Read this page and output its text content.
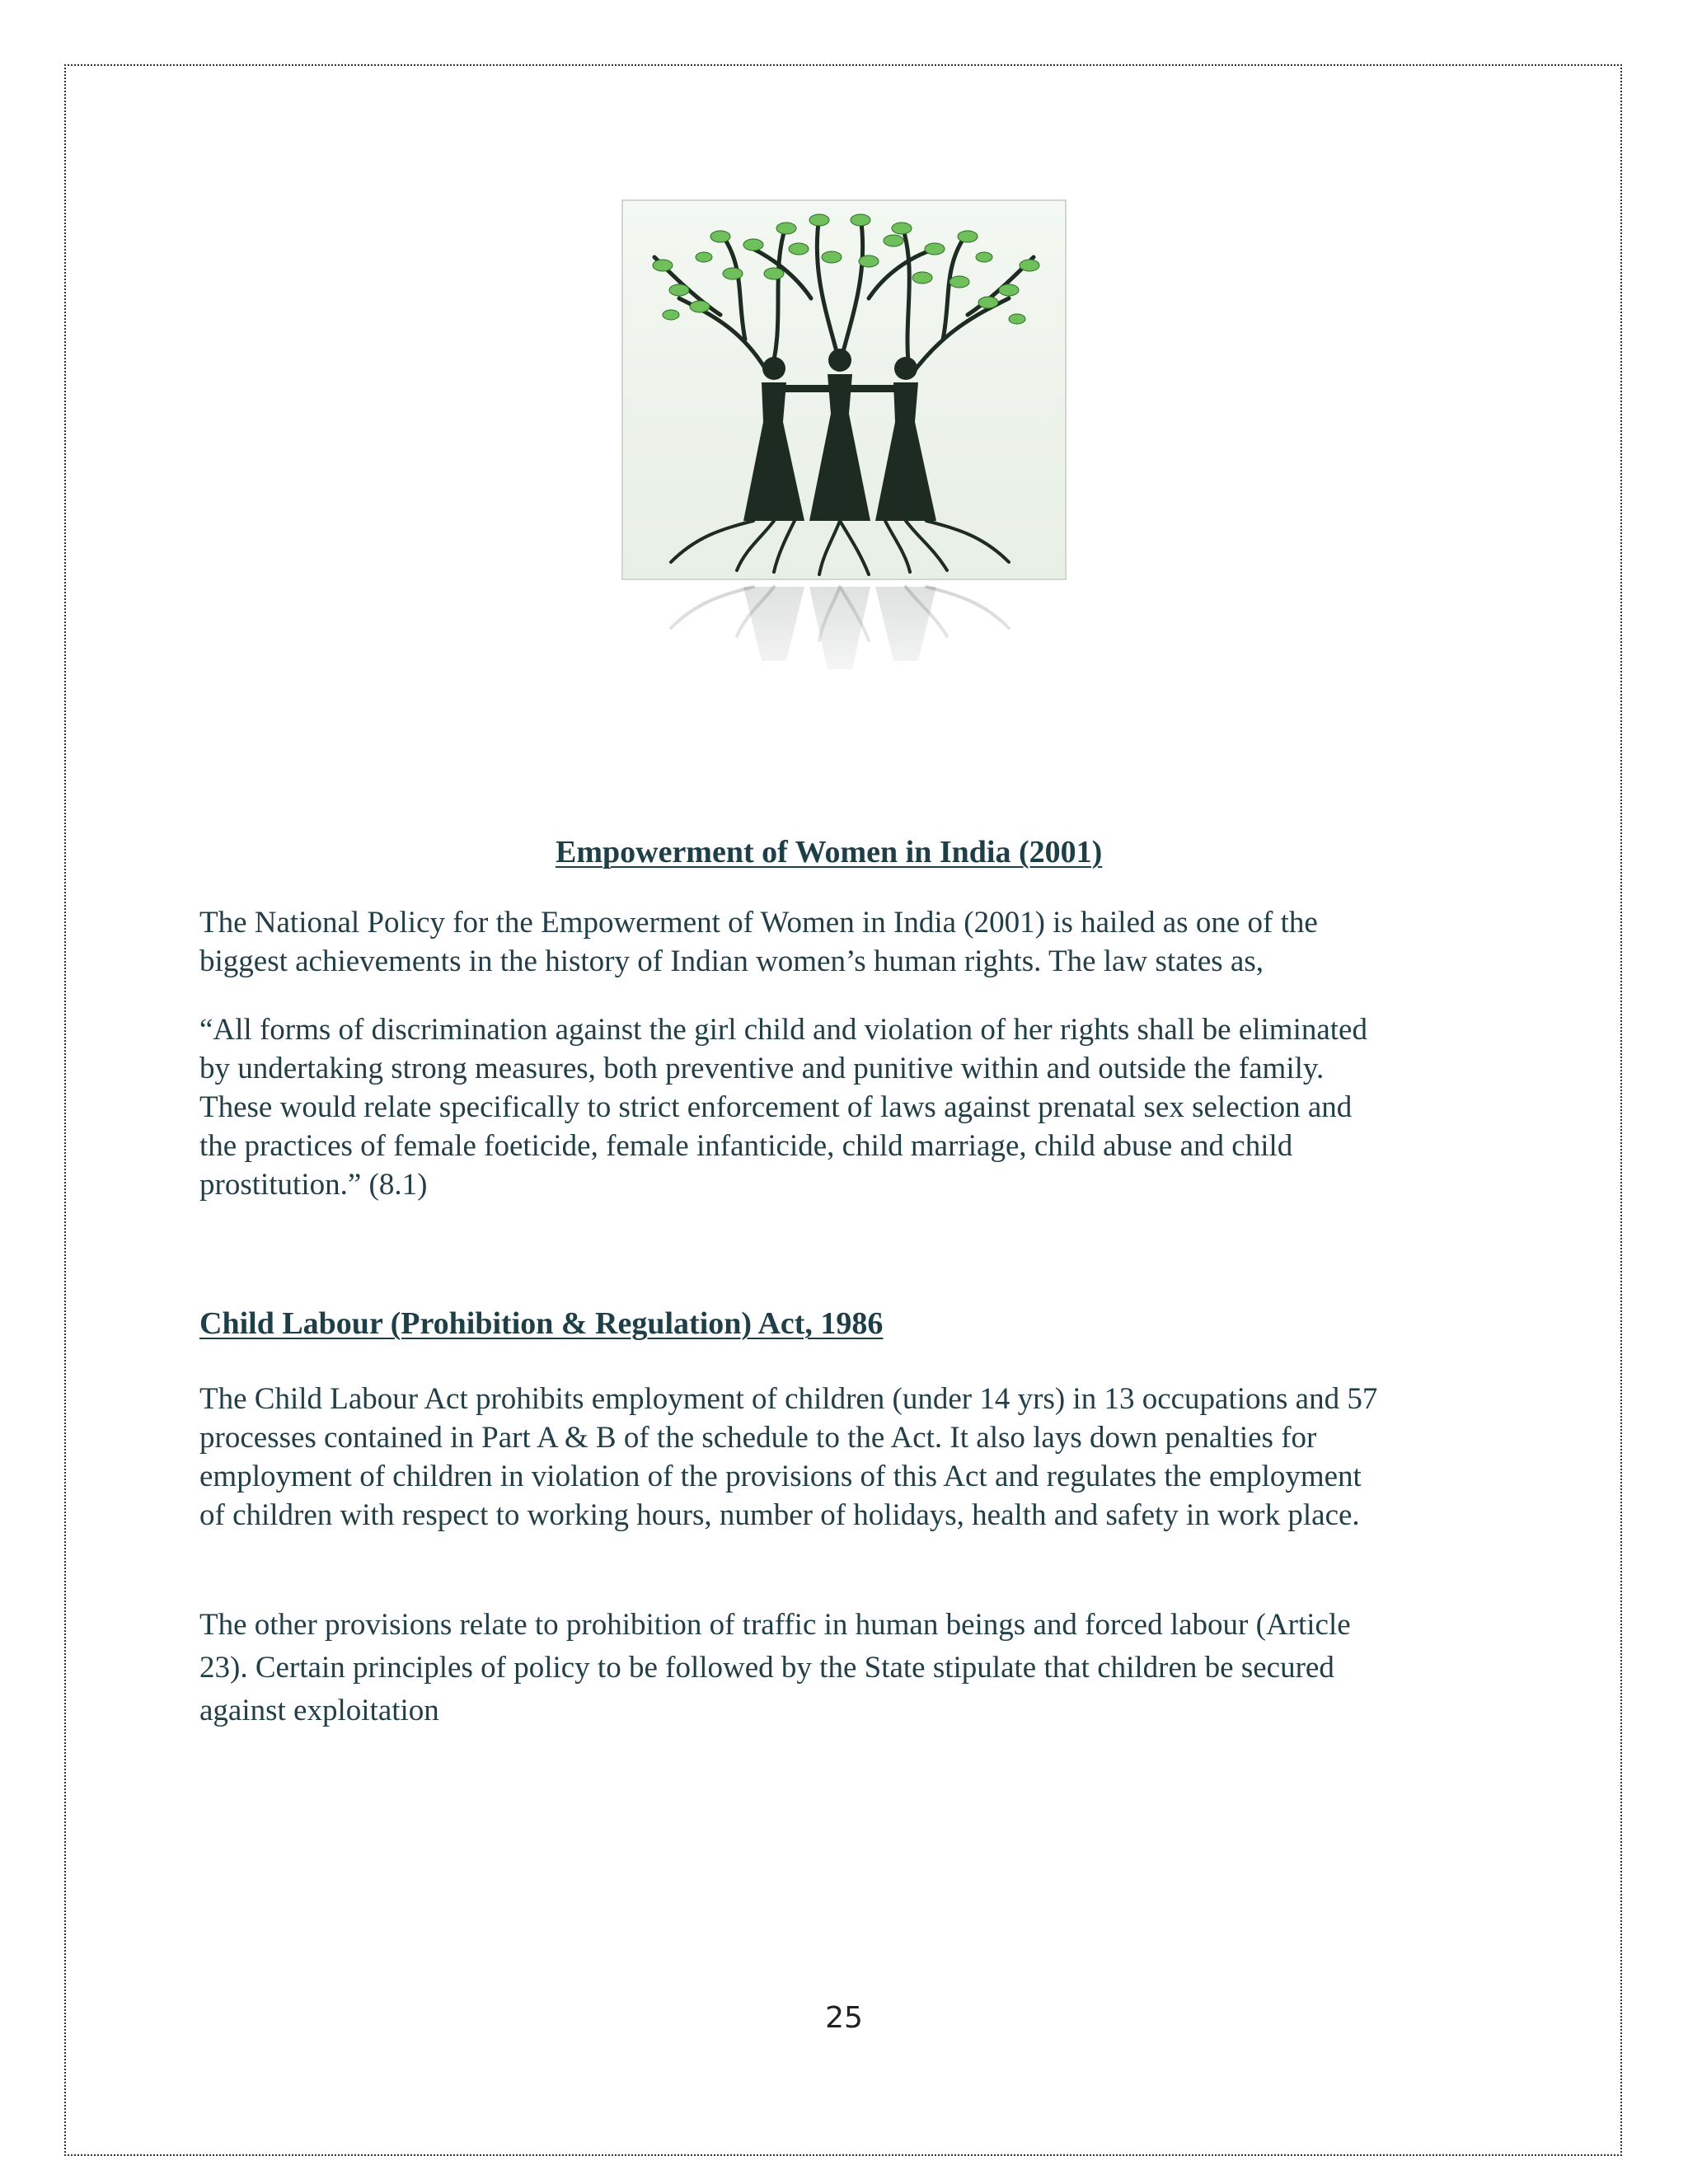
Empowerment of Women in India (2001)
The National Policy for the Empowerment of Women in India (2001) is hailed as one of the
biggest achievements in the history of Indian women’s human rights. The law states as,
“All forms of discrimination against the girl child and violation of her rights shall be eliminated
by undertaking strong measures, both preventive and punitive within and outside the family.
These would relate specifically to strict enforcement of laws against prenatal sex selection and
the practices of female foeticide, female infanticide, child marriage, child abuse and child
prostitution.” (8.1)
Child Labour (Prohibition & Regulation) Act, 1986
The Child Labour Act prohibits employment of children (under 14 yrs) in 13 occupations and 57
processes contained in Part A & B of the schedule to the Act. It also lays down penalties for
employment of children in violation of the provisions of this Act and regulates the employment
of children with respect to working hours, number of holidays, health and safety in work place.
The other provisions relate to prohibition of traffic in human beings and forced labour (Article
23). Certain principles of policy to be followed by the State stipulate that children be secured
against exploitation
25
